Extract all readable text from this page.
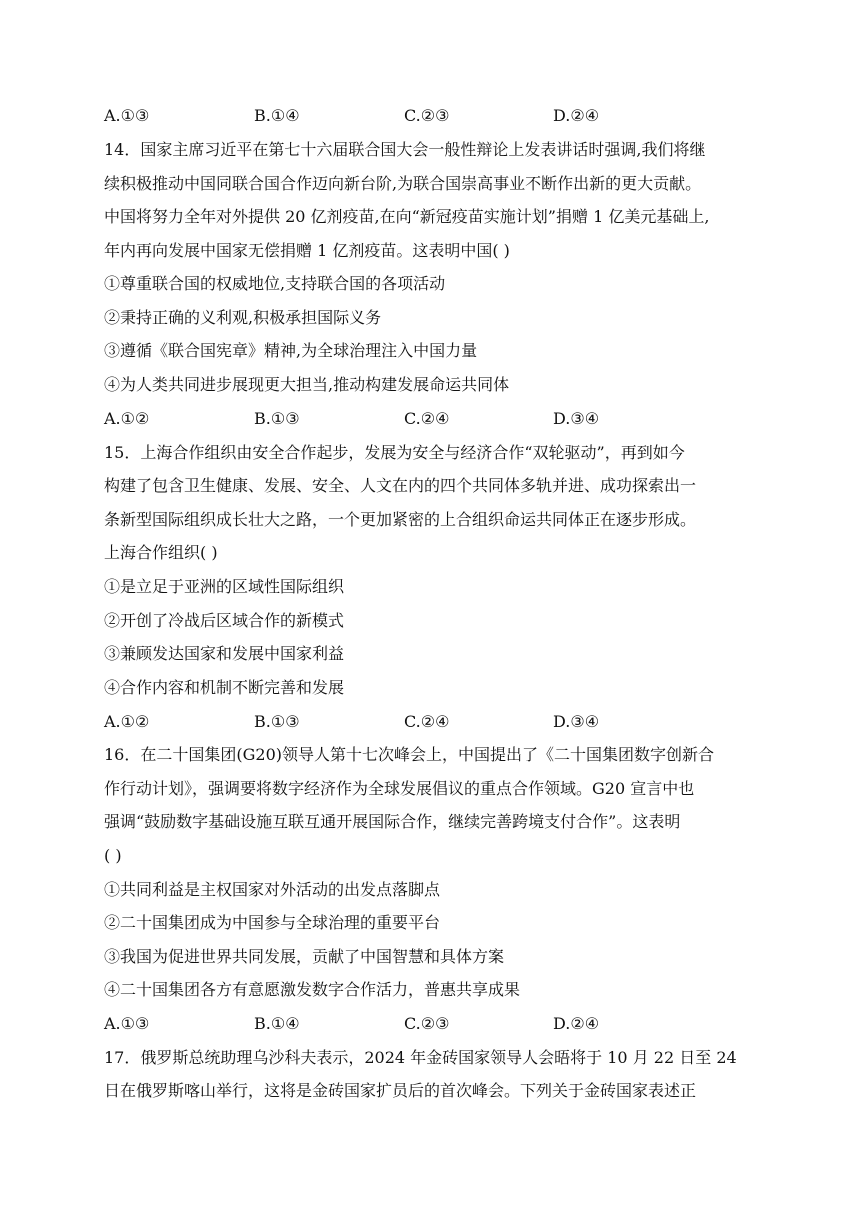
A.①③	B.①④	C.②③	D.②④
14．国家主席习近平在第七十六届联合国大会一般性辩论上发表讲话时强调,我们将继
续积极推动中国同联合国合作迈向新台阶,为联合国崇高事业不断作出新的更大贡献。
中国将努力全年对外提供 20 亿剂疫苗,在向“新冠疫苗实施计划”捐赠 1 亿美元基础上,
年内再向发展中国家无偿捐赠 1 亿剂疫苗。这表明中国( )
①尊重联合国的权威地位,支持联合国的各项活动
②秉持正确的义利观,积极承担国际义务
③遵循《联合国宪章》精神,为全球治理注入中国力量
④为人类共同进步展现更大担当,推动构建发展命运共同体
A.①②	B.①③	C.②④	D.③④
15．上海合作组织由安全合作起步，发展为安全与经济合作“双轮驱动”，再到如今
构建了包含卫生健康、发展、安全、人文在内的四个共同体多轨并进、成功探索出一
条新型国际组织成长壮大之路，一个更加紧密的上合组织命运共同体正在逐步形成。
上海合作组织( )
①是立足于亚洲的区域性国际组织
②开创了冷战后区域合作的新模式
③兼顾发达国家和发展中国家利益
④合作内容和机制不断完善和发展
A.①②	B.①③	C.②④	D.③④
16．在二十国集团(G20)领导人第十七次峰会上，中国提出了《二十国集团数字创新合
作行动计划》，强调要将数字经济作为全球发展倡议的重点合作领域。G20 宣言中也
强调“鼓励数字基础设施互联互通开展国际合作，继续完善跨境支付合作”。这表明
( )
①共同利益是主权国家对外活动的出发点落脚点
②二十国集团成为中国参与全球治理的重要平台
③我国为促进世界共同发展，贡献了中国智慧和具体方案
④二十国集团各方有意愿激发数字合作活力，普惠共享成果
A.①③	B.①④	C.②③	D.②④
17．俄罗斯总统助理乌沙科夫表示，2024 年金砖国家领导人会晤将于 10 月 22 日至 24
日在俄罗斯喀山举行，这将是金砖国家扩员后的首次峰会。下列关于金砖国家表述正
